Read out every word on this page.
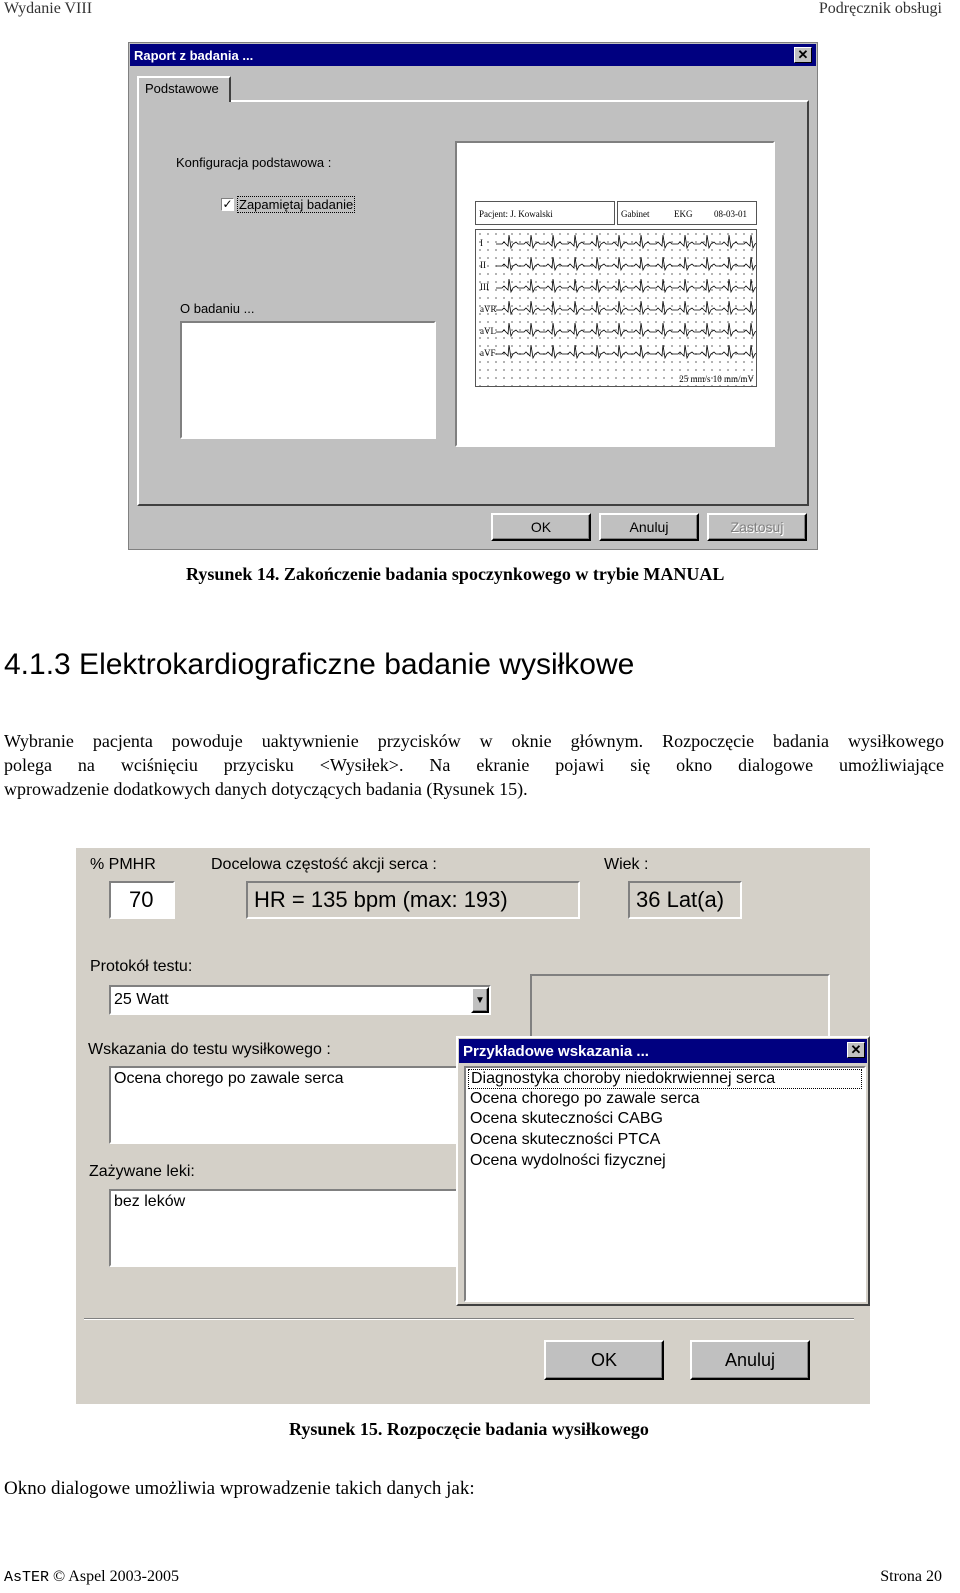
Wydanie VIII	Podręcznik obsługi
Raport z badania ...	✕
Podstawowe
Konfiguracja podstawowa :
✓ Zapamiętaj badanie
O badaniu ...
Pacjent: J. Kowalski	Gabinet	EKG 08-03-01
I
II
III
aVR
aVL
aVF
25 mm/s 10 mm/mV
OK	Anuluj	Zastosuj
Rysunek 14. Zakończenie badania spoczynkowego w trybie MANUAL
4.1.3 Elektrokardiograficzne badanie wysiłkowe
Wybranie pacjenta powoduje uaktywnienie przycisków w oknie głównym. Rozpoczęcie badania wysiłkowego
polega na wciśnięciu przycisku <Wysiłek>. Na ekranie pojawi się okno dialogowe umożliwiające
wprowadzenie dodatkowych danych dotyczących badania (Rysunek 15).
% PMHR
70
Docelowa częstość akcji serca :
HR = 135 bpm (max: 193)
Wiek :
36 Lat(a)
Protokół testu:
25 Watt	▼
Wskazania do testu wysiłkowego :
Ocena chorego po zawale serca
Zażywane leki:
bez leków
Przykładowe wskazania ...	✕
Diagnostyka choroby niedokrwiennej serca
Ocena chorego po zawale serca
Ocena skuteczności CABG
Ocena skuteczności PTCA
Ocena wydolności fizycznej
OK	Anuluj
Rysunek 15. Rozpoczęcie badania wysiłkowego
Okno dialogowe umożliwia wprowadzenie takich danych jak:
AsTER © Aspel 2003-2005	Strona 20
